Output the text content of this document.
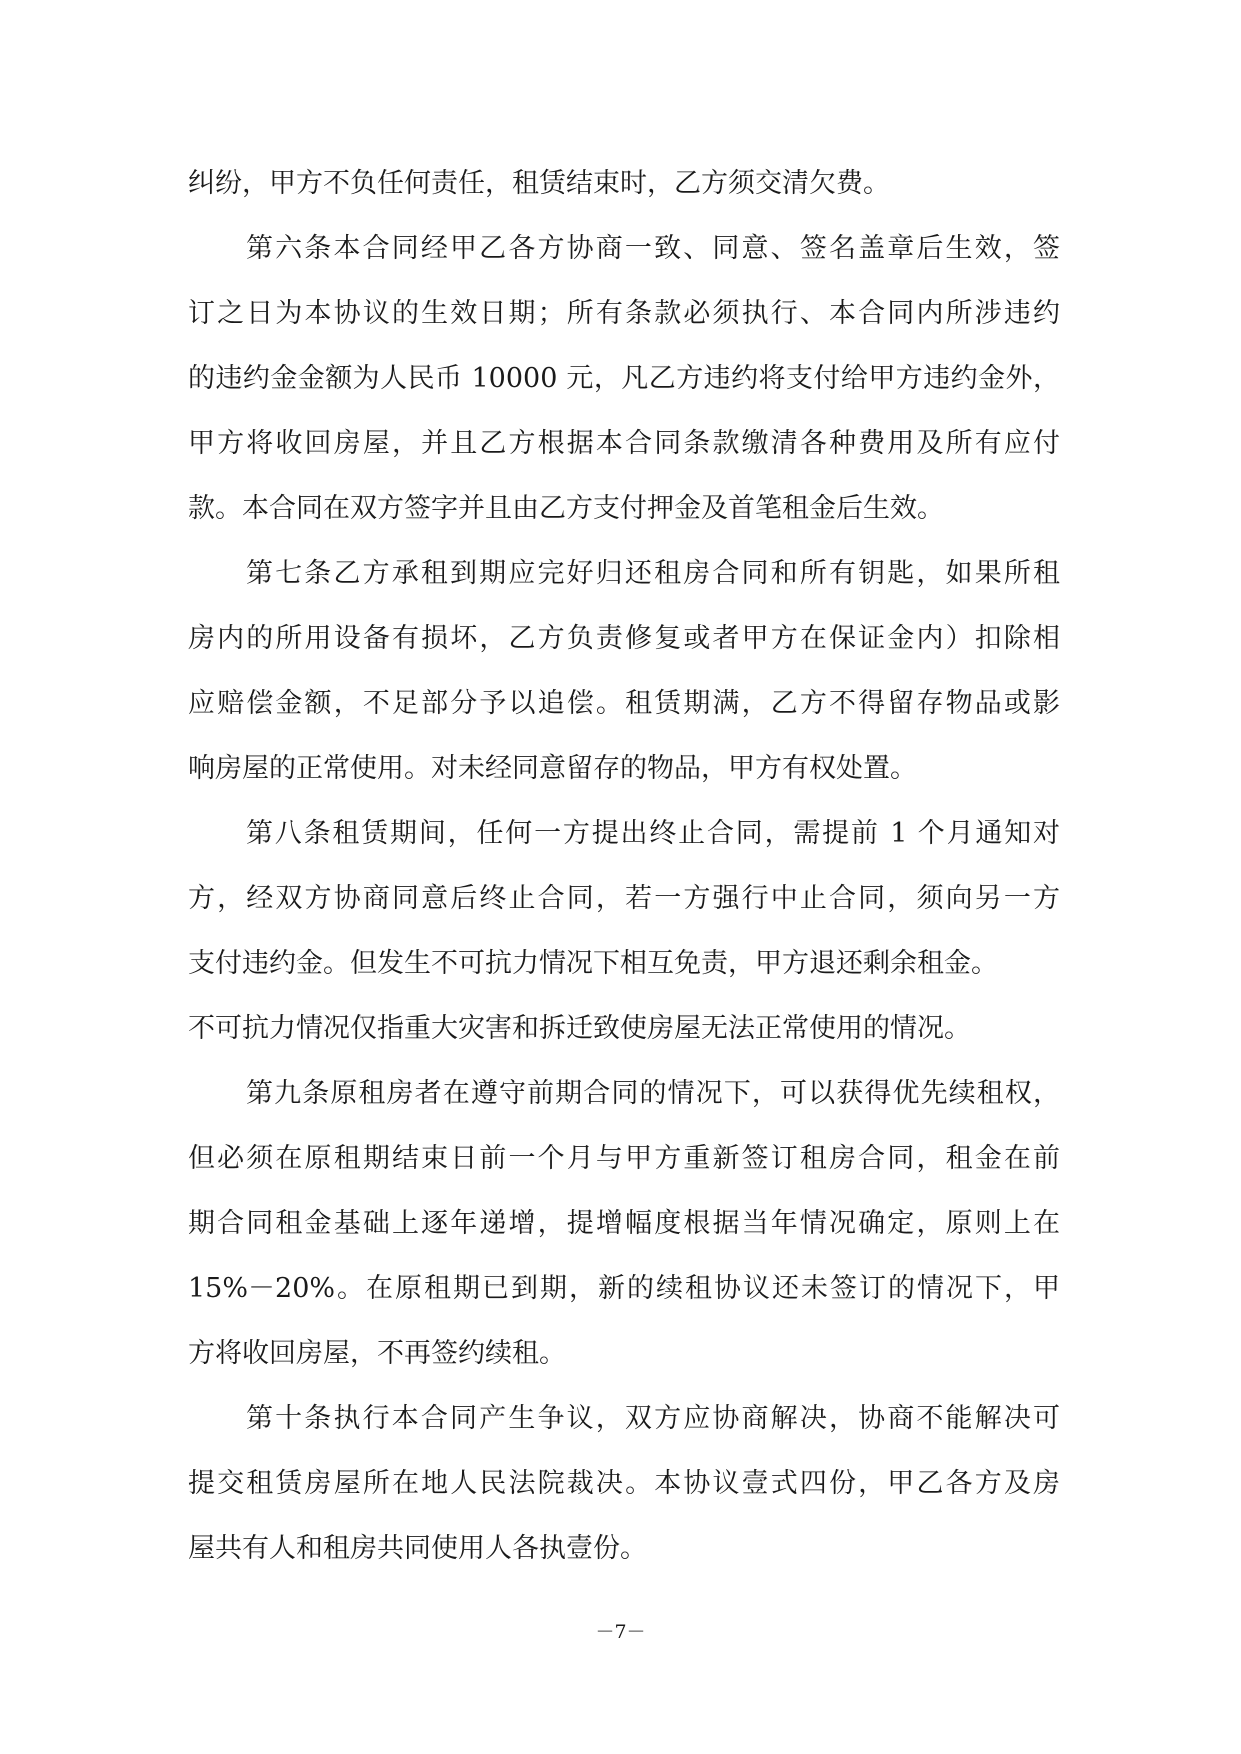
纠纷，甲方不负任何责任，租赁结束时，乙方须交清欠费。
第六条本合同经甲乙各方协商一致、同意、签名盖章后生效，签
订之日为本协议的生效日期；所有条款必须执行、本合同内所涉违约
的违约金金额为人民币 10000 元，凡乙方违约将支付给甲方违约金外，
甲方将收回房屋，并且乙方根据本合同条款缴清各种费用及所有应付
款。本合同在双方签字并且由乙方支付押金及首笔租金后生效。
第七条乙方承租到期应完好归还租房合同和所有钥匙，如果所租
房内的所用设备有损坏，乙方负责修复或者甲方在保证金内）扣除相
应赔偿金额，不足部分予以追偿。租赁期满，乙方不得留存物品或影
响房屋的正常使用。对未经同意留存的物品，甲方有权处置。
第八条租赁期间，任何一方提出终止合同，需提前 1 个月通知对
方，经双方协商同意后终止合同，若一方强行中止合同，须向另一方
支付违约金。但发生不可抗力情况下相互免责，甲方退还剩余租金。
不可抗力情况仅指重大灾害和拆迁致使房屋无法正常使用的情况。
第九条原租房者在遵守前期合同的情况下，可以获得优先续租权，
但必须在原租期结束日前一个月与甲方重新签订租房合同，租金在前
期合同租金基础上逐年递增，提增幅度根据当年情况确定，原则上在
15%－20%。在原租期已到期，新的续租协议还未签订的情况下，甲
方将收回房屋，不再签约续租。
第十条执行本合同产生争议，双方应协商解决，协商不能解决可
提交租赁房屋所在地人民法院裁决。本协议壹式四份，甲乙各方及房
屋共有人和租房共同使用人各执壹份。
－7－
